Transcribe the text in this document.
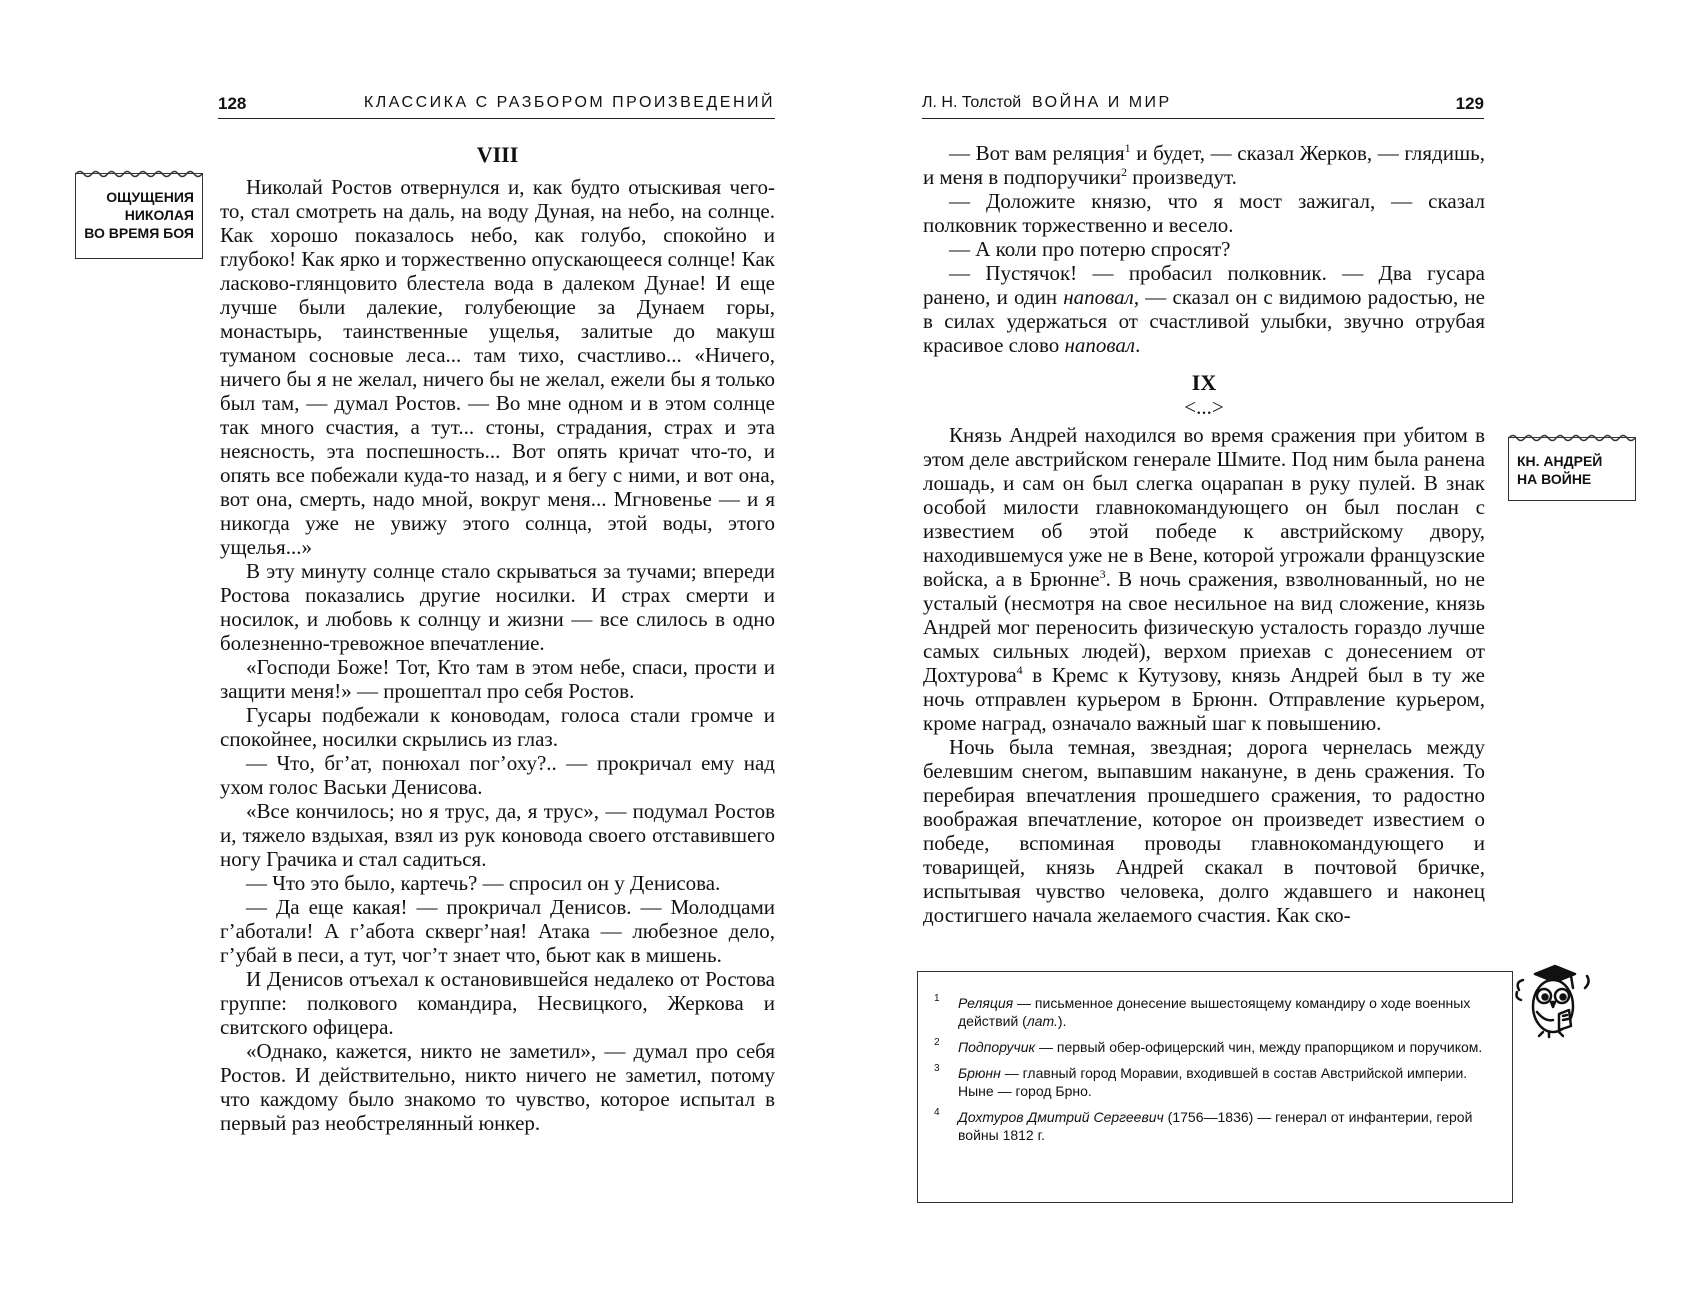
128	КЛАССИКА С РАЗБОРОМ ПРОИЗВЕДЕНИЙ
ОЩУЩЕНИЯ
НИКОЛАЯ
ВО ВРЕМЯ БОЯ

VIII

Николай Ростов отвернулся и, как будто отыскивая чего-то, стал смотреть на даль, на воду Дуная, на небо, на солнце. Как хорошо показалось небо, как голубо, спокойно и глубоко! Как ярко и торжественно опускающееся солнце! Как ласково-глянцовито блестела вода в далеком Дунае! И еще лучше были далекие, голубеющие за Дунаем горы, монастырь, таинственные ущелья, залитые до макуш туманом сосновые леса... там тихо, счастливо... «Ничего, ничего бы я не желал, ничего бы не желал, ежели бы я только был там, — думал Ростов. — Во мне одном и в этом солнце так много счастия, а тут... стоны, страдания, страх и эта неясность, эта поспешность... Вот опять кричат что-то, и опять все побежали куда-то назад, и я бегу с ними, и вот она, вот она, смерть, надо мной, вокруг меня... Мгновенье — и я никогда уже не увижу этого солнца, этой воды, этого ущелья...»

В эту минуту солнце стало скрываться за тучами; впереди Ростова показались другие носилки. И страх смерти и носилок, и любовь к солнцу и жизни — все слилось в одно болезненно-тревожное впечатление.

«Господи Боже! Тот, Кто там в этом небе, спаси, прости и защити меня!» — прошептал про себя Ростов.

Гусары подбежали к коноводам, голоса стали громче и спокойнее, носилки скрылись из глаз.

— Что, бг’ат, понюхал пог’оху?.. — прокричал ему над ухом голос Васьки Денисова.

«Все кончилось; но я трус, да, я трус», — подумал Ростов и, тяжело вздыхая, взял из рук коновода своего отставившего ногу Грачика и стал садиться.

— Что это было, картечь? — спросил он у Денисова.

— Да еще какая! — прокричал Денисов. — Молодцами г’аботали! А г’абота скверг’ная! Атака — любезное дело, г’убай в песи, а тут, чог’т знает что, бьют как в мишень.

И Денисов отъехал к остановившейся недалеко от Ростова группе: полкового командира, Несвицкого, Жеркова и свитского офицера.

«Однако, кажется, никто не заметил», — думал про себя Ростов. И действительно, никто ничего не заметил, потому что каждому было знакомо то чувство, которое испытал в первый раз необстрелянный юнкер.

Л. Н. Толстой ВОЙНА И МИР	129

— Вот вам реляция$^1$ и будет, — сказал Жерков, — глядишь, и меня в подпоручики$^2$ произведут.

— Доложите князю, что я мост зажигал, — сказал полковник торжественно и весело.

— А коли про потерю спросят?

— Пустячок! — пробасил полковник. — Два гусара ранено, и один наповал, — сказал он с видимою радостью, не в силах удержаться от счастливой улыбки, звучно отрубая красивое слово наповал.

IX

<...>

Князь Андрей находился во время сражения при убитом в этом деле австрийском генерале Шмите. Под ним была ранена лошадь, и сам он был слегка оцарапан в руку пулей. В знак особой милости главнокомандующего он был послан с известием об этой победе к австрийскому двору, находившемуся уже не в Вене, которой угрожали французские войска, а в Брюнне$^3$. В ночь сражения, взволнованный, но не усталый (несмотря на свое несильное на вид сложение, князь Андрей мог переносить физическую усталость гораздо лучше самых сильных людей), верхом приехав с донесением от Дохтурова$^4$ в Кремс к Кутузову, князь Андрей был в ту же ночь отправлен курьером в Брюнн. Отправление курьером, кроме наград, означало важный шаг к повышению.

Ночь была темная, звездная; дорога чернелась между белевшим снегом, выпавшим накануне, в день сражения. То перебирая впечатления прошедшего сражения, то радостно воображая впечатление, которое он произведет известием о победе, вспоминая проводы главнокомандующего и товарищей, князь Андрей скакал в почтовой бричке, испытывая чувство человека, долго ждавшего и наконец достигшего начала желаемого счастия. Как ско-

КН. АНДРЕЙ
НА ВОЙНЕ
1 Реляция — письменное донесение вышестоящему командиру о ходе военных действий (лат.).
2 Подпоручик — первый обер-офицерский чин, между прапорщиком и поручиком.
3 Брюнн — главный город Моравии, входившей в состав Австрийской империи. Ныне — город Брно.
4 Дохтуров Дмитрий Сергеевич (1756—1836) — генерал от инфантерии, герой войны 1812 г.
